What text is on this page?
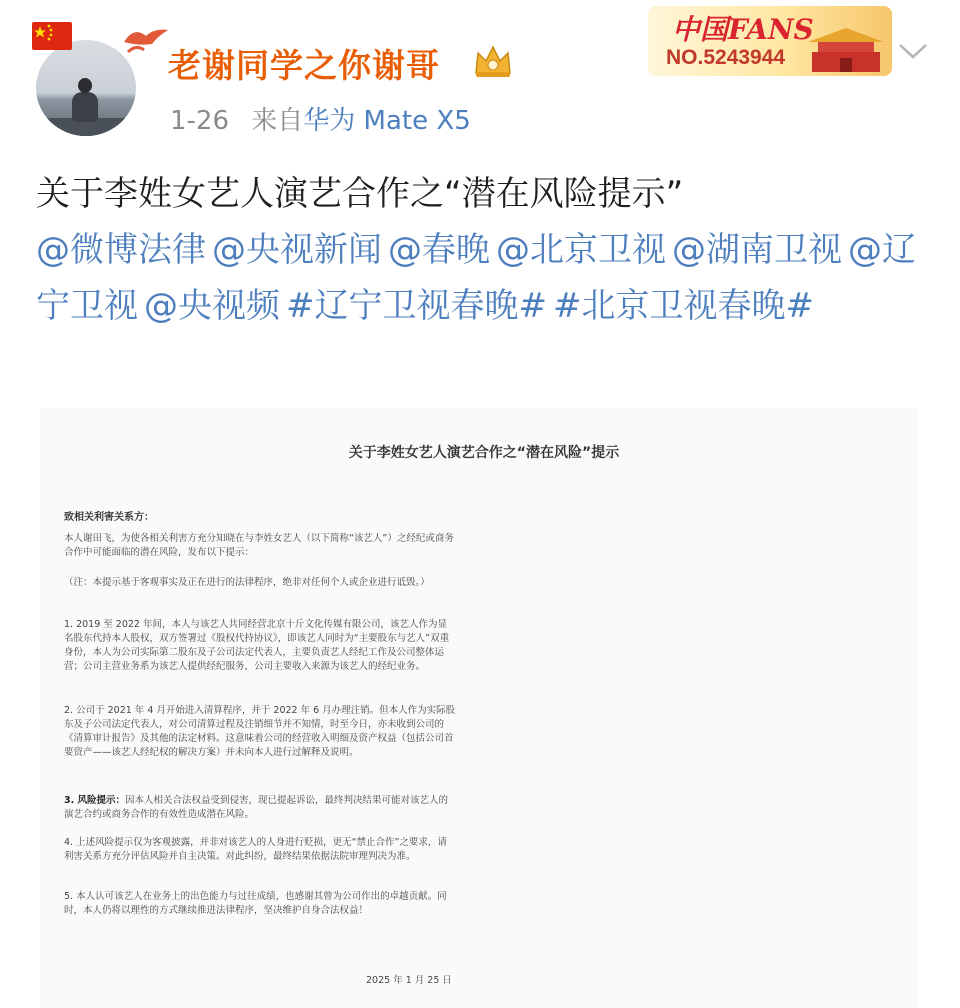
老谢同学之你谢哥
1-26 来自华为 Mate X5
中国FANS
NO.5243944
关于李姓女艺人演艺合作之“潜在风险提示”
@微博法律 @央视新闻 @春晚 @北京卫视 @湖南卫视 @辽宁卫视 @央视频 #辽宁卫视春晚# #北京卫视春晚#
关于李姓女艺人演艺合作之“潜在风险”提示
致相关利害关系方：
本人谢田飞，为使各相关利害方充分知晓在与李姓女艺人（以下简称“该艺人”）之经纪或商务合作中可能面临的潜在风险，发布以下提示：
（注：本提示基于客观事实及正在进行的法律程序，绝非对任何个人或企业进行诋毁。）
1. 2019 至 2022 年间，本人与该艺人共同经营北京十斤文化传媒有限公司，该艺人作为显名股东代持本人股权，双方签署过《股权代持协议》，即该艺人同时为“主要股东与艺人”双重身份，本人为公司实际第二股东及子公司法定代表人，主要负责艺人经纪工作及公司整体运营；公司主营业务系为该艺人提供经纪服务，公司主要收入来源为该艺人的经纪业务。
2. 公司于 2021 年 4 月开始进入清算程序，并于 2022 年 6 月办理注销。但本人作为实际股东及子公司法定代表人，对公司清算过程及注销细节并不知情，时至今日，亦未收到公司的《清算审计报告》及其他的法定材料。这意味着公司的经营收入明细及资产权益（包括公司首要资产——该艺人经纪权的解决方案）并未向本人进行过解释及说明。
3. 风险提示：因本人相关合法权益受到侵害，现已提起诉讼，最终判决结果可能对该艺人的演艺合约或商务合作的有效性造成潜在风险。
4. 上述风险提示仅为客观披露，并非对该艺人的人身进行贬损，更无“禁止合作”之要求，请利害关系方充分评估风险并自主决策。对此纠纷，最终结果依据法院审理判决为准。
5. 本人认可该艺人在业务上的出色能力与过往成绩，也感谢其曾为公司作出的卓越贡献。同时，本人仍将以理性的方式继续推进法律程序，坚决维护自身合法权益！
2025 年 1 月 25 日
